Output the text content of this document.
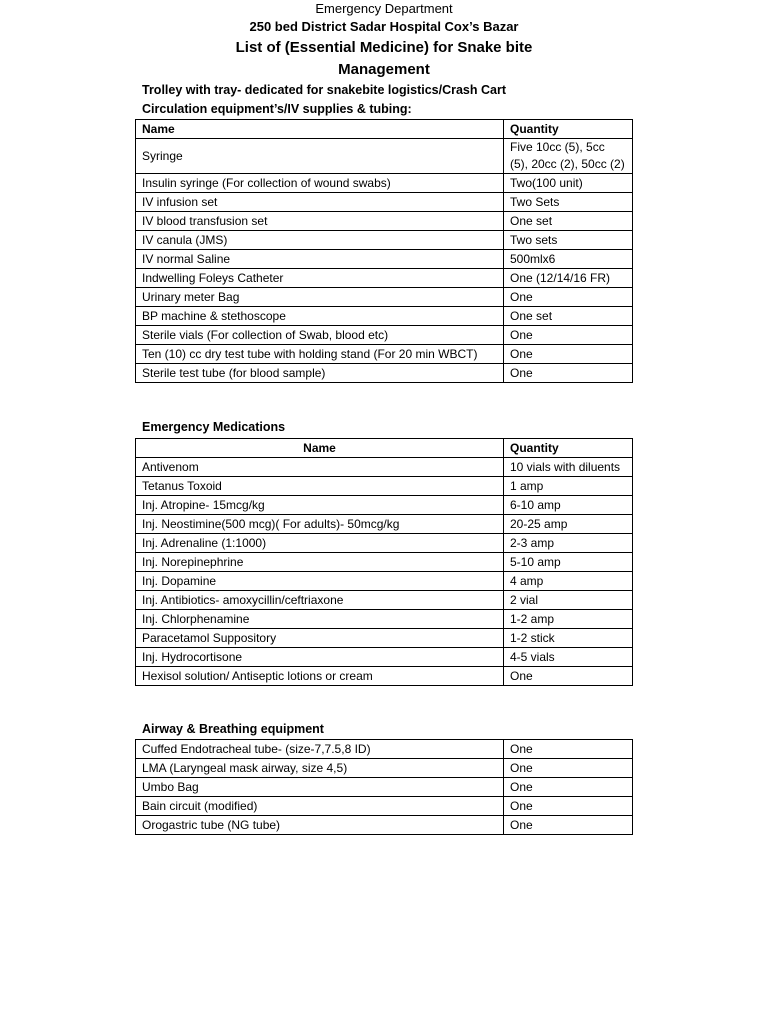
Emergency Department
250 bed District Sadar Hospital Cox’s Bazar
List of (Essential Medicine) for Snake bite
Management
Trolley with tray- dedicated for snakebite logistics/Crash Cart
Circulation equipment’s/IV supplies & tubing:
Name	Quantity
Syringe	Five 10cc (5), 5cc (5), 20cc (2), 50cc (2)
Insulin syringe (For collection of wound swabs)	Two(100 unit)
IV infusion set	Two Sets
IV blood transfusion set	One set
IV canula (JMS)	Two sets
IV normal Saline	500mlx6
Indwelling Foleys Catheter	One (12/14/16 FR)
Urinary meter Bag	One
BP machine & stethoscope	One set
Sterile vials (For collection of Swab, blood etc)	One
Ten (10) cc dry test tube with holding stand (For 20 min WBCT)	One
Sterile test tube (for blood sample)	One
Emergency Medications
Name	Quantity
Antivenom	10 vials with diluents
Tetanus Toxoid	1 amp
Inj. Atropine- 15mcg/kg	6-10 amp
Inj. Neostimine(500 mcg)( For adults)- 50mcg/kg	20-25 amp
Inj. Adrenaline (1:1000)	2-3 amp
Inj. Norepinephrine	5-10 amp
Inj. Dopamine	4 amp
Inj. Antibiotics- amoxycillin/ceftriaxone	2 vial
Inj. Chlorphenamine	1-2 amp
Paracetamol Suppository	1-2 stick
Inj. Hydrocortisone	4-5 vials
Hexisol solution/ Antiseptic lotions or cream	One
Airway & Breathing equipment
Cuffed Endotracheal tube- (size-7,7.5,8 ID)	One
LMA (Laryngeal mask airway, size 4,5)	One
Umbo Bag	One
Bain circuit (modified)	One
Orogastric tube (NG tube)	One
